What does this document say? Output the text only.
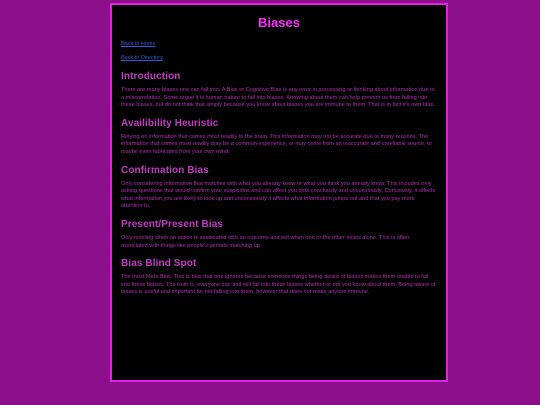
Biases
Back to Home
Back to Directory
Introduction

There are many biases one can fall into. A Bias or Cognitive Bias is any error in processing or thinking about information due to a miscorrelation. Some argue it is human nature to fall into biases. Knowing about them can help prevent us from falling into these biases, but do not think that simply because you know about biases you are immune to them. That is in fact it's own bias.

Availibility Heuristic

Relying on information that comes most readily to the brain. This information may not be accurate due to many reasons. The information that comes most readily may be a common experience, or may come from an inaccurate and unreliable source, or maybe even fabricated from your own mind.

Confirmation Bias

Only considering information that matches with what you already know or what you think you already know. This includes only asking questions that would confirm your suspicions and can affect you both conciously and unconsiously. Conciously, it affects what information you are likely to look up and unconsiously it affects what information jumps out and that you pay more attention to.

Present/Present Bias

Only noticing when an action is associated with an outcome and not when one or the other exists alone. This is often associated with things like people's periods matching up.

Bias Blind Spot

The most Meta Bias. This is bias that one ignores because someone things being aware of biases makes them unable to fall into these biases. The truth is, everyone can and will fall into these biases whether or not you know about them. Being aware of biases is useful and important for not falling into them, however that does not make anyone immune.
